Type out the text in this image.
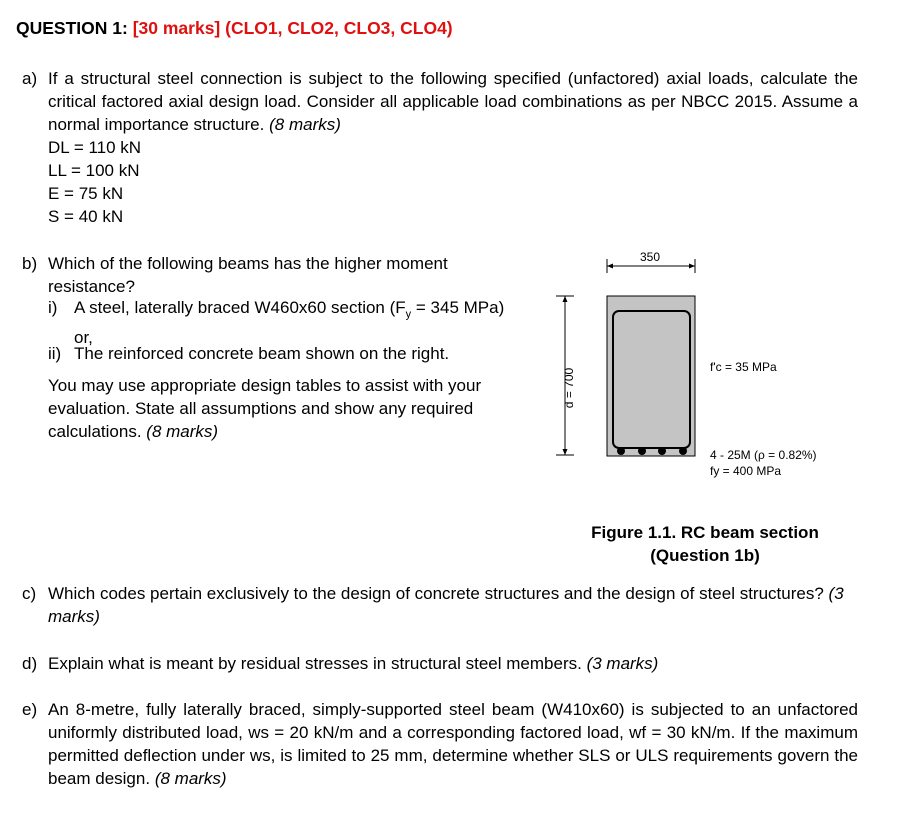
QUESTION 1: [30 marks] (CLO1, CLO2, CLO3, CLO4)
a) If a structural steel connection is subject to the following specified (unfactored) axial loads, calculate the critical factored axial design load. Consider all applicable load combinations as per NBCC 2015. Assume a normal importance structure. (8 marks)
DL = 110 kN
LL = 100 kN
E = 75 kN
S = 40 kN
b) Which of the following beams has the higher moment resistance?
i) A steel, laterally braced W460x60 section ($F_y = 345$ MPa) or,
ii) The reinforced concrete beam shown on the right.
You may use appropriate design tables to assist with your evaluation. State all assumptions and show any required calculations. (8 marks)
350
d = 700
f'c = 35 MPa
4 - 25M (ρ = 0.82%)
fy = 400 MPa
Figure 1.1. RC beam section
(Question 1b)
c) Which codes pertain exclusively to the design of concrete structures and the design of steel structures? (3 marks)
d) Explain what is meant by residual stresses in structural steel members. (3 marks)
e) An 8-metre, fully laterally braced, simply-supported steel beam (W410x60) is subjected to an unfactored uniformly distributed load, ws = 20 kN/m and a corresponding factored load, wf = 30 kN/m. If the maximum permitted deflection under ws, is limited to 25 mm, determine whether SLS or ULS requirements govern the beam design. (8 marks)
